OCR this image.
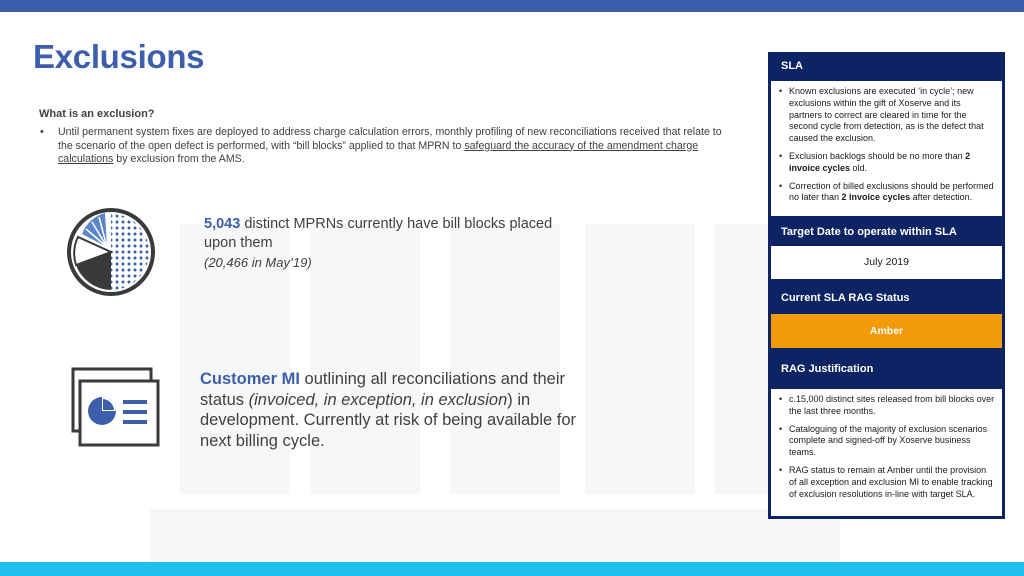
Exclusions
What is an exclusion?
• Until permanent system fixes are deployed to address charge calculation errors, monthly profiling of new reconciliations received that relate to the scenario of the open defect is performed, with “bill blocks” applied to that MPRN to safeguard the accuracy of the amendment charge calculations by exclusion from the AMS.
5,043 distinct MPRNs currently have bill blocks placed upon them
(20,466 in May’19)
Customer MI outlining all reconciliations and their status (invoiced, in exception, in exclusion) in development. Currently at risk of being available for next billing cycle.
SLA
• Known exclusions are executed ‘in cycle’; new exclusions within the gift of Xoserve and its partners to correct are cleared in time for the second cycle from detection, as is the defect that caused the exclusion.
• Exclusion backlogs should be no more than 2 invoice cycles old.
• Correction of billed exclusions should be performed no later than 2 invoice cycles after detection.
Target Date to operate within SLA
July 2019
Current SLA RAG Status
Amber
RAG Justification
• c.15,000 distinct sites released from bill blocks over the last three months.
• Cataloguing of the majority of exclusion scenarios complete and signed-off by Xoserve business teams.
• RAG status to remain at Amber until the provision of all exception and exclusion MI to enable tracking of exclusion resolutions in-line with target SLA.
